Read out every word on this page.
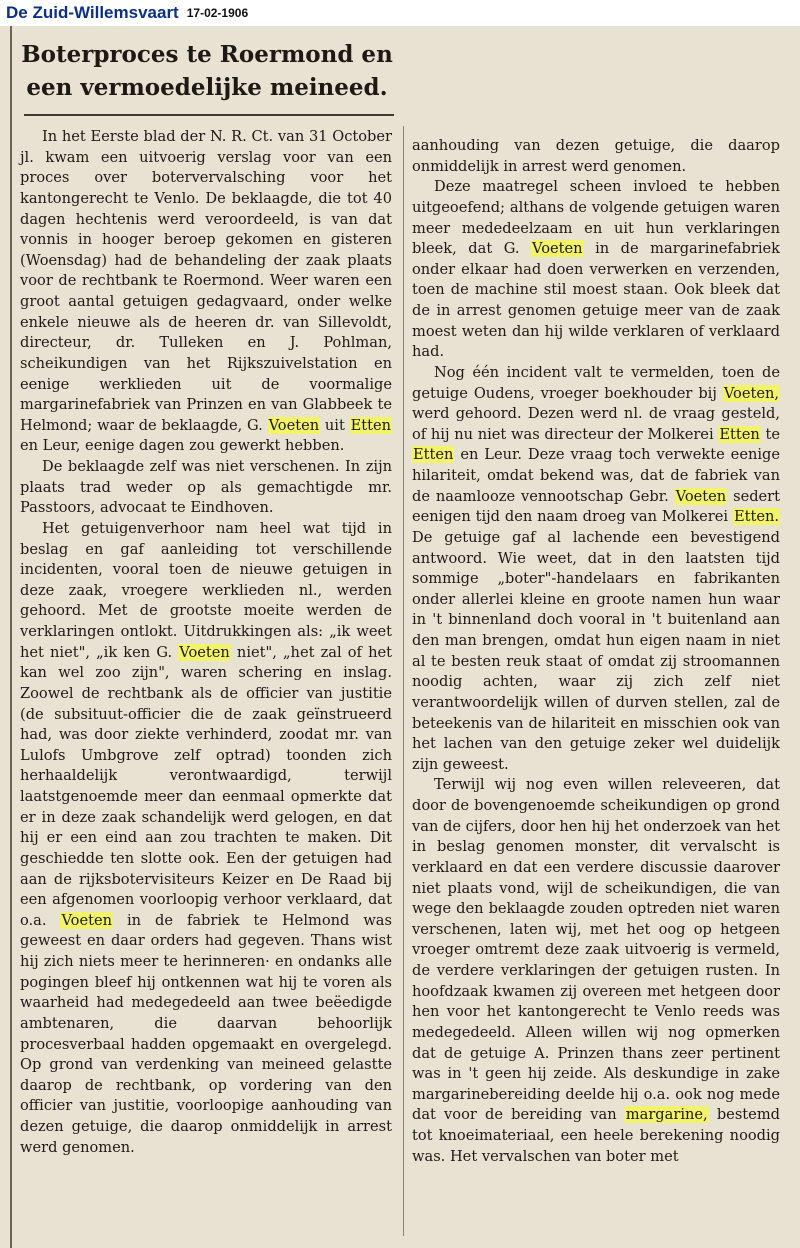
De Zuid-Willemsvaart 17-02-1906
Boterproces te Roermond en
een vermoedelijke meineed.

In het Eerste blad der N. R. Ct. van 31 October jl. kwam een uitvoerig verslag voor van een proces over botervervalsching voor het kantongerecht te Venlo. De beklaagde, die tot 40 dagen hechtenis werd veroordeeld, is van dat vonnis in hooger beroep gekomen en gisteren (Woensdag) had de behandeling der zaak plaats voor de rechtbank te Roermond. Weer waren een groot aantal getuigen gedagvaard, onder welke enkele nieuwe als de heeren dr. van Sillevoldt, directeur, dr. Tulleken en J. Pohlman, scheikundigen van het Rijkszuivelstation en eenige werklieden uit de voormalige margarinefabriek van Prinzen en van Glabbeek te Helmond; waar de beklaagde, G. Voeten uit Etten en Leur, eenige dagen zou gewerkt hebben.

De beklaagde zelf was niet verschenen. In zijn plaats trad weder op als gemachtigde mr. Passtoors, advocaat te Eindhoven.

Het getuigenverhoor nam heel wat tijd in beslag en gaf aanleiding tot verschillende incidenten, vooral toen de nieuwe getuigen in deze zaak, vroegere werklieden nl., werden gehoord. Met de grootste moeite werden de verklaringen ontlokt. Uitdrukkingen als: „ik weet het niet", „ik ken G. Voeten niet", „het zal of het kan wel zoo zijn", waren schering en inslag. Zoowel de rechtbank als de officier van justitie (de subsituut-officier die de zaak geïnstrueerd had, was door ziekte verhinderd, zoodat mr. van Lulofs Umbgrove zelf optrad) toonden zich herhaaldelijk verontwaardigd, terwijl laatstgenoemde meer dan eenmaal opmerkte dat er in deze zaak schandelijk werd gelogen, en dat hij er een eind aan zou trachten te maken. Dit geschiedde ten slotte ook. Een der getuigen had aan de rijksbotervisiteurs Keizer en De Raad bij een afgenomen voorloopig verhoor verklaard, dat o.a. Voeten in de fabriek te Helmond was geweest en daar orders had gegeven. Thans wist hij zich niets meer te herinneren· en ondanks alle pogingen bleef hij ontkennen wat hij te voren als waarheid had medegedeeld aan twee beëedigde ambtenaren, die daarvan behoorlijk procesverbaal hadden opgemaakt en overgelegd. Op grond van verdenking van meineed gelastte daarop de rechtbank, op vordering van den officier van justitie, voorloopige aanhouding van dezen getuige, die daarop onmiddelijk in arrest werd genomen.

aanhouding van dezen getuige, die daarop onmiddelijk in arrest werd genomen.

Deze maatregel scheen invloed te hebben uitgeoefend; althans de volgende getuigen waren meer mededeelzaam en uit hun verklaringen bleek, dat G. Voeten in de margarinefabriek onder elkaar had doen verwerken en verzenden, toen de machine stil moest staan. Ook bleek dat de in arrest genomen getuige meer van de zaak moest weten dan hij wilde verklaren of verklaard had.

Nog één incident valt te vermelden, toen de getuige Oudens, vroeger boekhouder bij Voeten, werd gehoord. Dezen werd nl. de vraag gesteld, of hij nu niet was directeur der Molkerei Etten te Etten en Leur. Deze vraag toch verwekte eenige hilariteit, omdat bekend was, dat de fabriek van de naamlooze vennootschap Gebr. Voeten sedert eenigen tijd den naam droeg van Molkerei Etten. De getuige gaf al lachende een bevestigend antwoord. Wie weet, dat in den laatsten tijd sommige „boter"-handelaars en fabrikanten onder allerlei kleine en groote namen hun waar in 't binnenland doch vooral in 't buitenland aan den man brengen, omdat hun eigen naam in niet al te besten reuk staat of omdat zij stroomannen noodig achten, waar zij zich zelf niet verantwoordelijk willen of durven stellen, zal de beteekenis van de hilariteit en misschien ook van het lachen van den getuige zeker wel duidelijk zijn geweest.

Terwijl wij nog even willen releveeren, dat door de bovengenoemde scheikundigen op grond van de cijfers, door hen hij het onderzoek van het in beslag genomen monster, dit vervalscht is verklaard en dat een verdere discussie daarover niet plaats vond, wijl de scheikundigen, die van wege den beklaagde zouden optreden niet waren verschenen, laten wij, met het oog op hetgeen vroeger omtremt deze zaak uitvoerig is vermeld, de verdere verklaringen der getuigen rusten. In hoofdzaak kwamen zij overeen met hetgeen door hen voor het kantongerecht te Venlo reeds was medegedeeld. Alleen willen wij nog opmerken dat de getuige A. Prinzen thans zeer pertinent was in 't geen hij zeide. Als deskundige in zake margarinebereiding deelde hij o.a. ook nog mede dat voor de bereiding van margarine, bestemd tot knoeimateriaal, een heele berekening noodig was. Het vervalschen van boter met
